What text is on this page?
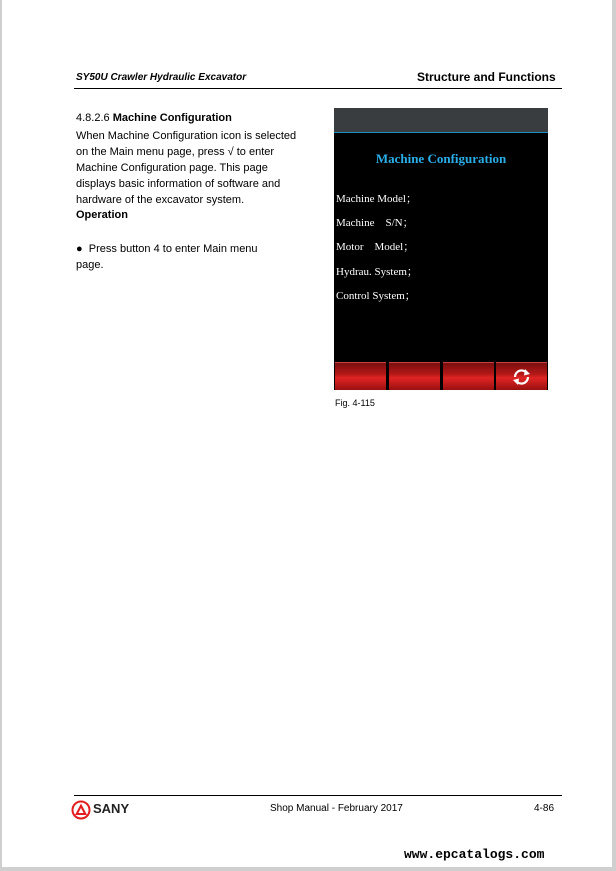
SY50U Crawler Hydraulic Excavator	Structure and Functions
4.8.2.6 Machine Configuration
When Machine Configuration icon is selected
on the Main menu page, press √ to enter
Machine Configuration page. This page
displays basic information of software and
hardware of the excavator system.
Operation
● Press button 4 to enter Main menu
page.
Machine Configuration
Machine Model；
Machine    S/N；
Motor    Model；
Hydrau. System；
Control System；
Fig. 4-115
SANY	Shop Manual - February 2017	4-86
www.epcatalogs.com
